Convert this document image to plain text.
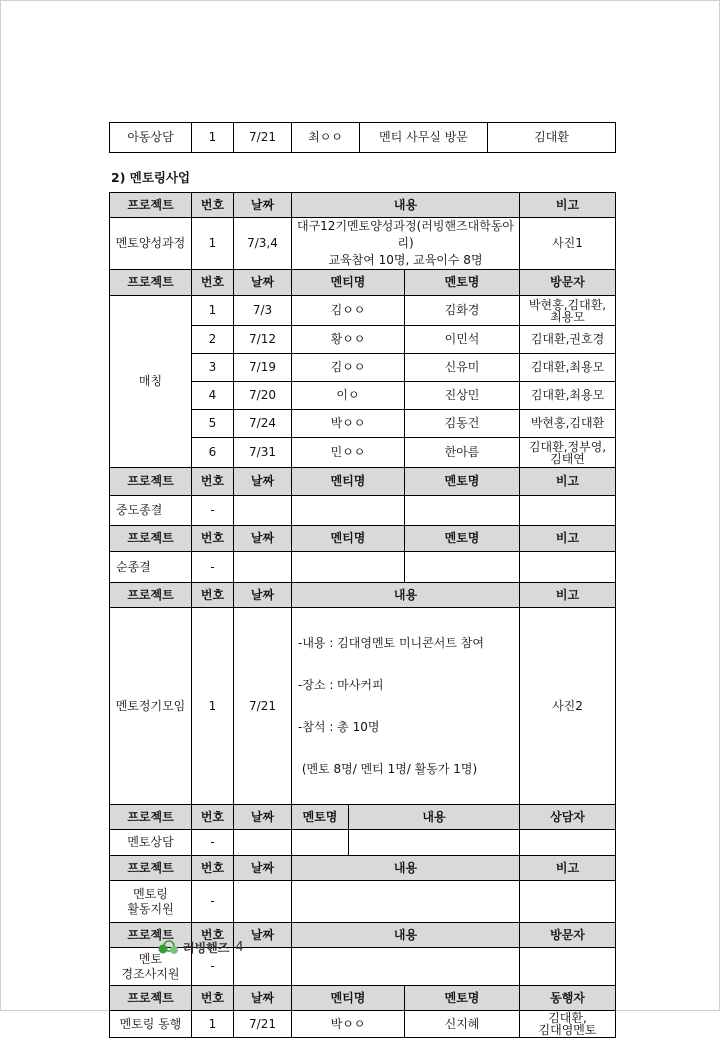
아동상담	1	7/21	최ㅇㅇ	멘티 사무실 방문	김대환
2) 멘토링사업
프로젝트	번호	날짜	내용			비고
멘토양성과정	1	7/3,4	대구12기멘토양성과정(러빙핸즈대학동아리)
교육참여 10명, 교육이수 8명			사진1
프로젝트	번호	날짜	멘티명		멘토명	방문자
매칭	1	7/3	김ㅇㅇ		김화경	박현홍,김대환,
최용모

	2	7/12	황ㅇㅇ		이민석	김대환,권호경
	3	7/19	김ㅇㅇ		신유미	김대환,최용모
	4	7/20	이ㅇ		진상민	김대환,최용모
	5	7/24	박ㅇㅇ		김동건	박현홍,김대환
	6	7/31	민ㅇㅇ		한아름	김대환,정부영,
김태연

프로젝트	번호	날짜	멘티명		멘토명	비고
중도종결	-					
프로젝트	번호	날짜	멘티명		멘토명	비고
순종결	-					
프로젝트	번호	날짜	내용			비고
멘토정기모임	1	7/21	-내용 : 김대영멘토 미니콘서트 참여

-장소 : 마사커피

-참석 : 총 10명

(멘토 8명/ 멘티 1명/ 활동가 1명)			사진2
프로젝트	번호	날짜	멘토명	내용		상담자
멘토상담	-					
프로젝트	번호	날짜	내용			비고

멘토링
활동지원	-					
프로젝트	번호	날짜	내용			방문자

멘토
경조사지원	-					
프로젝트	번호	날짜	멘티명		멘토명	동행자
멘토링 동행	1	7/21	박ㅇㅇ		신지혜	김대환,
김대영멘토
러빙핸즈 4
